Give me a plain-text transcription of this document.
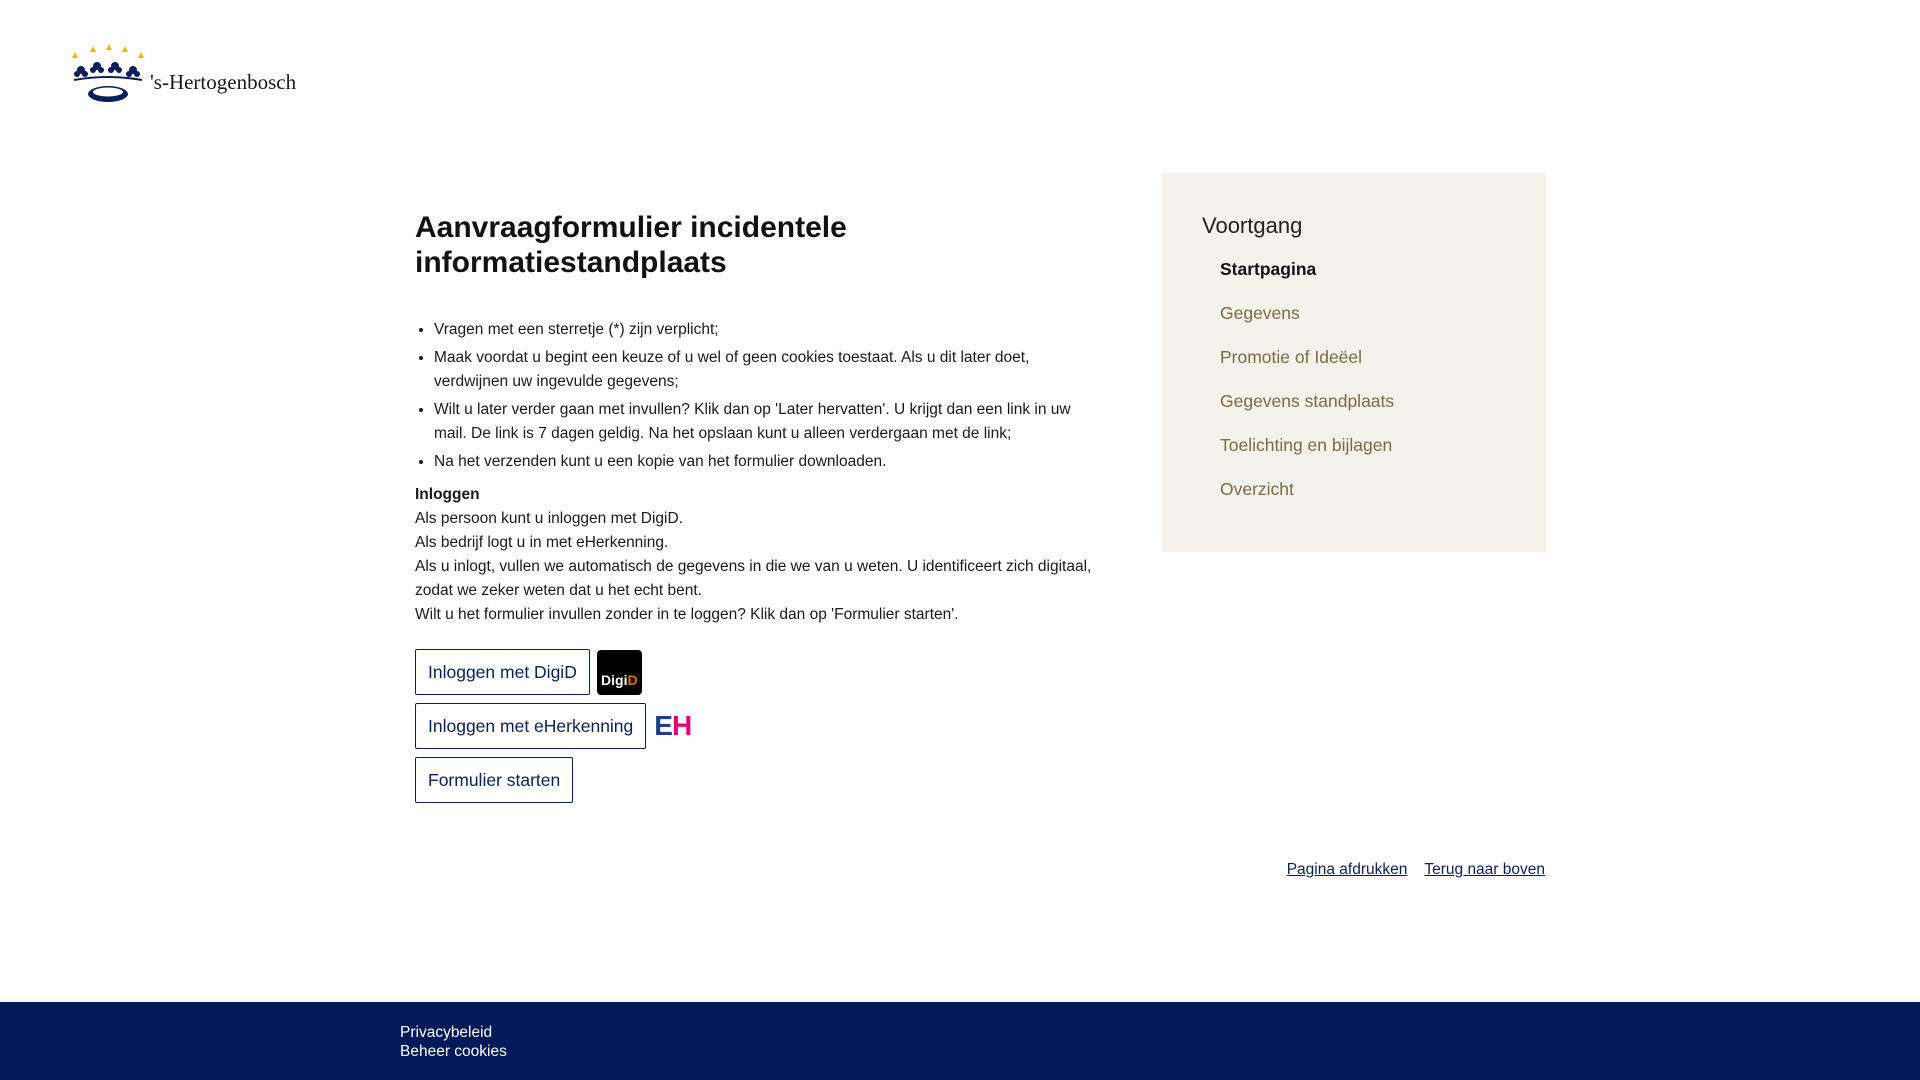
's-Hertogenbosch
Aanvraagformulier incidentele informatiestandplaats
• Vragen met een sterretje (*) zijn verplicht;
• Maak voordat u begint een keuze of u wel of geen cookies toestaat. Als u dit later doet, verdwijnen uw ingevulde gegevens;
• Wilt u later verder gaan met invullen? Klik dan op 'Later hervatten'. U krijgt dan een link in uw mail. De link is 7 dagen geldig. Na het opslaan kunt u alleen verdergaan met de link;
• Na het verzenden kunt u een kopie van het formulier downloaden.
Inloggen
Als persoon kunt u inloggen met DigiD.
Als bedrijf logt u in met eHerkenning.
Als u inlogt, vullen we automatisch de gegevens in die we van u weten. U identificeert zich digitaal, zodat we zeker weten dat u het echt bent.
Wilt u het formulier invullen zonder in te loggen? Klik dan op 'Formulier starten'.
Inloggen met DigiD	Digi D
Inloggen met eHerkenning EH
Formulier starten
Voortgang
Startpagina
Gegevens
Promotie of Ideëel
Gegevens standplaats
Toelichting en bijlagen
Overzicht
Pagina afdrukken Terug naar boven
Privacybeleid
Beheer cookies
